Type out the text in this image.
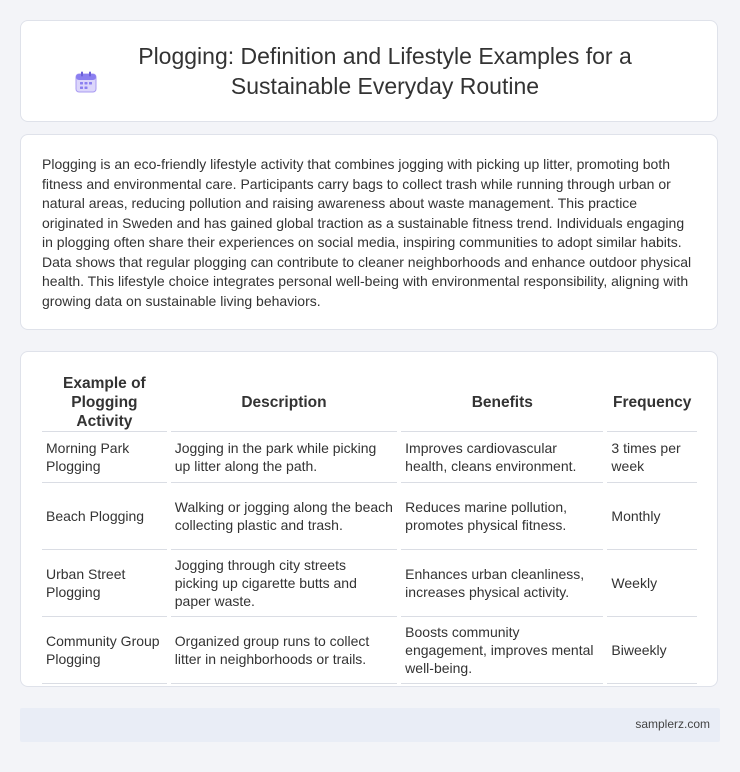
Plogging: Definition and Lifestyle Examples for a Sustainable Everyday Routine

Plogging is an eco-friendly lifestyle activity that combines jogging with picking up litter, promoting both fitness and environmental care. Participants carry bags to collect trash while running through urban or natural areas, reducing pollution and raising awareness about waste management. This practice originated in Sweden and has gained global traction as a sustainable fitness trend. Individuals engaging in plogging often share their experiences on social media, inspiring communities to adopt similar habits. Data shows that regular plogging can contribute to cleaner neighborhoods and enhance outdoor physical health. This lifestyle choice integrates personal well-being with environmental responsibility, aligning with growing data on sustainable living behaviors.

Example of Plogging Activity	Description	Benefits	Frequency
Morning Park Plogging	Jogging in the park while picking up litter along the path.	Improves cardiovascular health, cleans environment.	3 times per week
Beach Plogging	Walking or jogging along the beach collecting plastic and trash.	Reduces marine pollution, promotes physical fitness.	Monthly
Urban Street Plogging	Jogging through city streets picking up cigarette butts and paper waste.	Enhances urban cleanliness, increases physical activity.	Weekly
Community Group Plogging	Organized group runs to collect litter in neighborhoods or trails.	Boosts community engagement, improves mental well-being.	Biweekly
samplerz.com
